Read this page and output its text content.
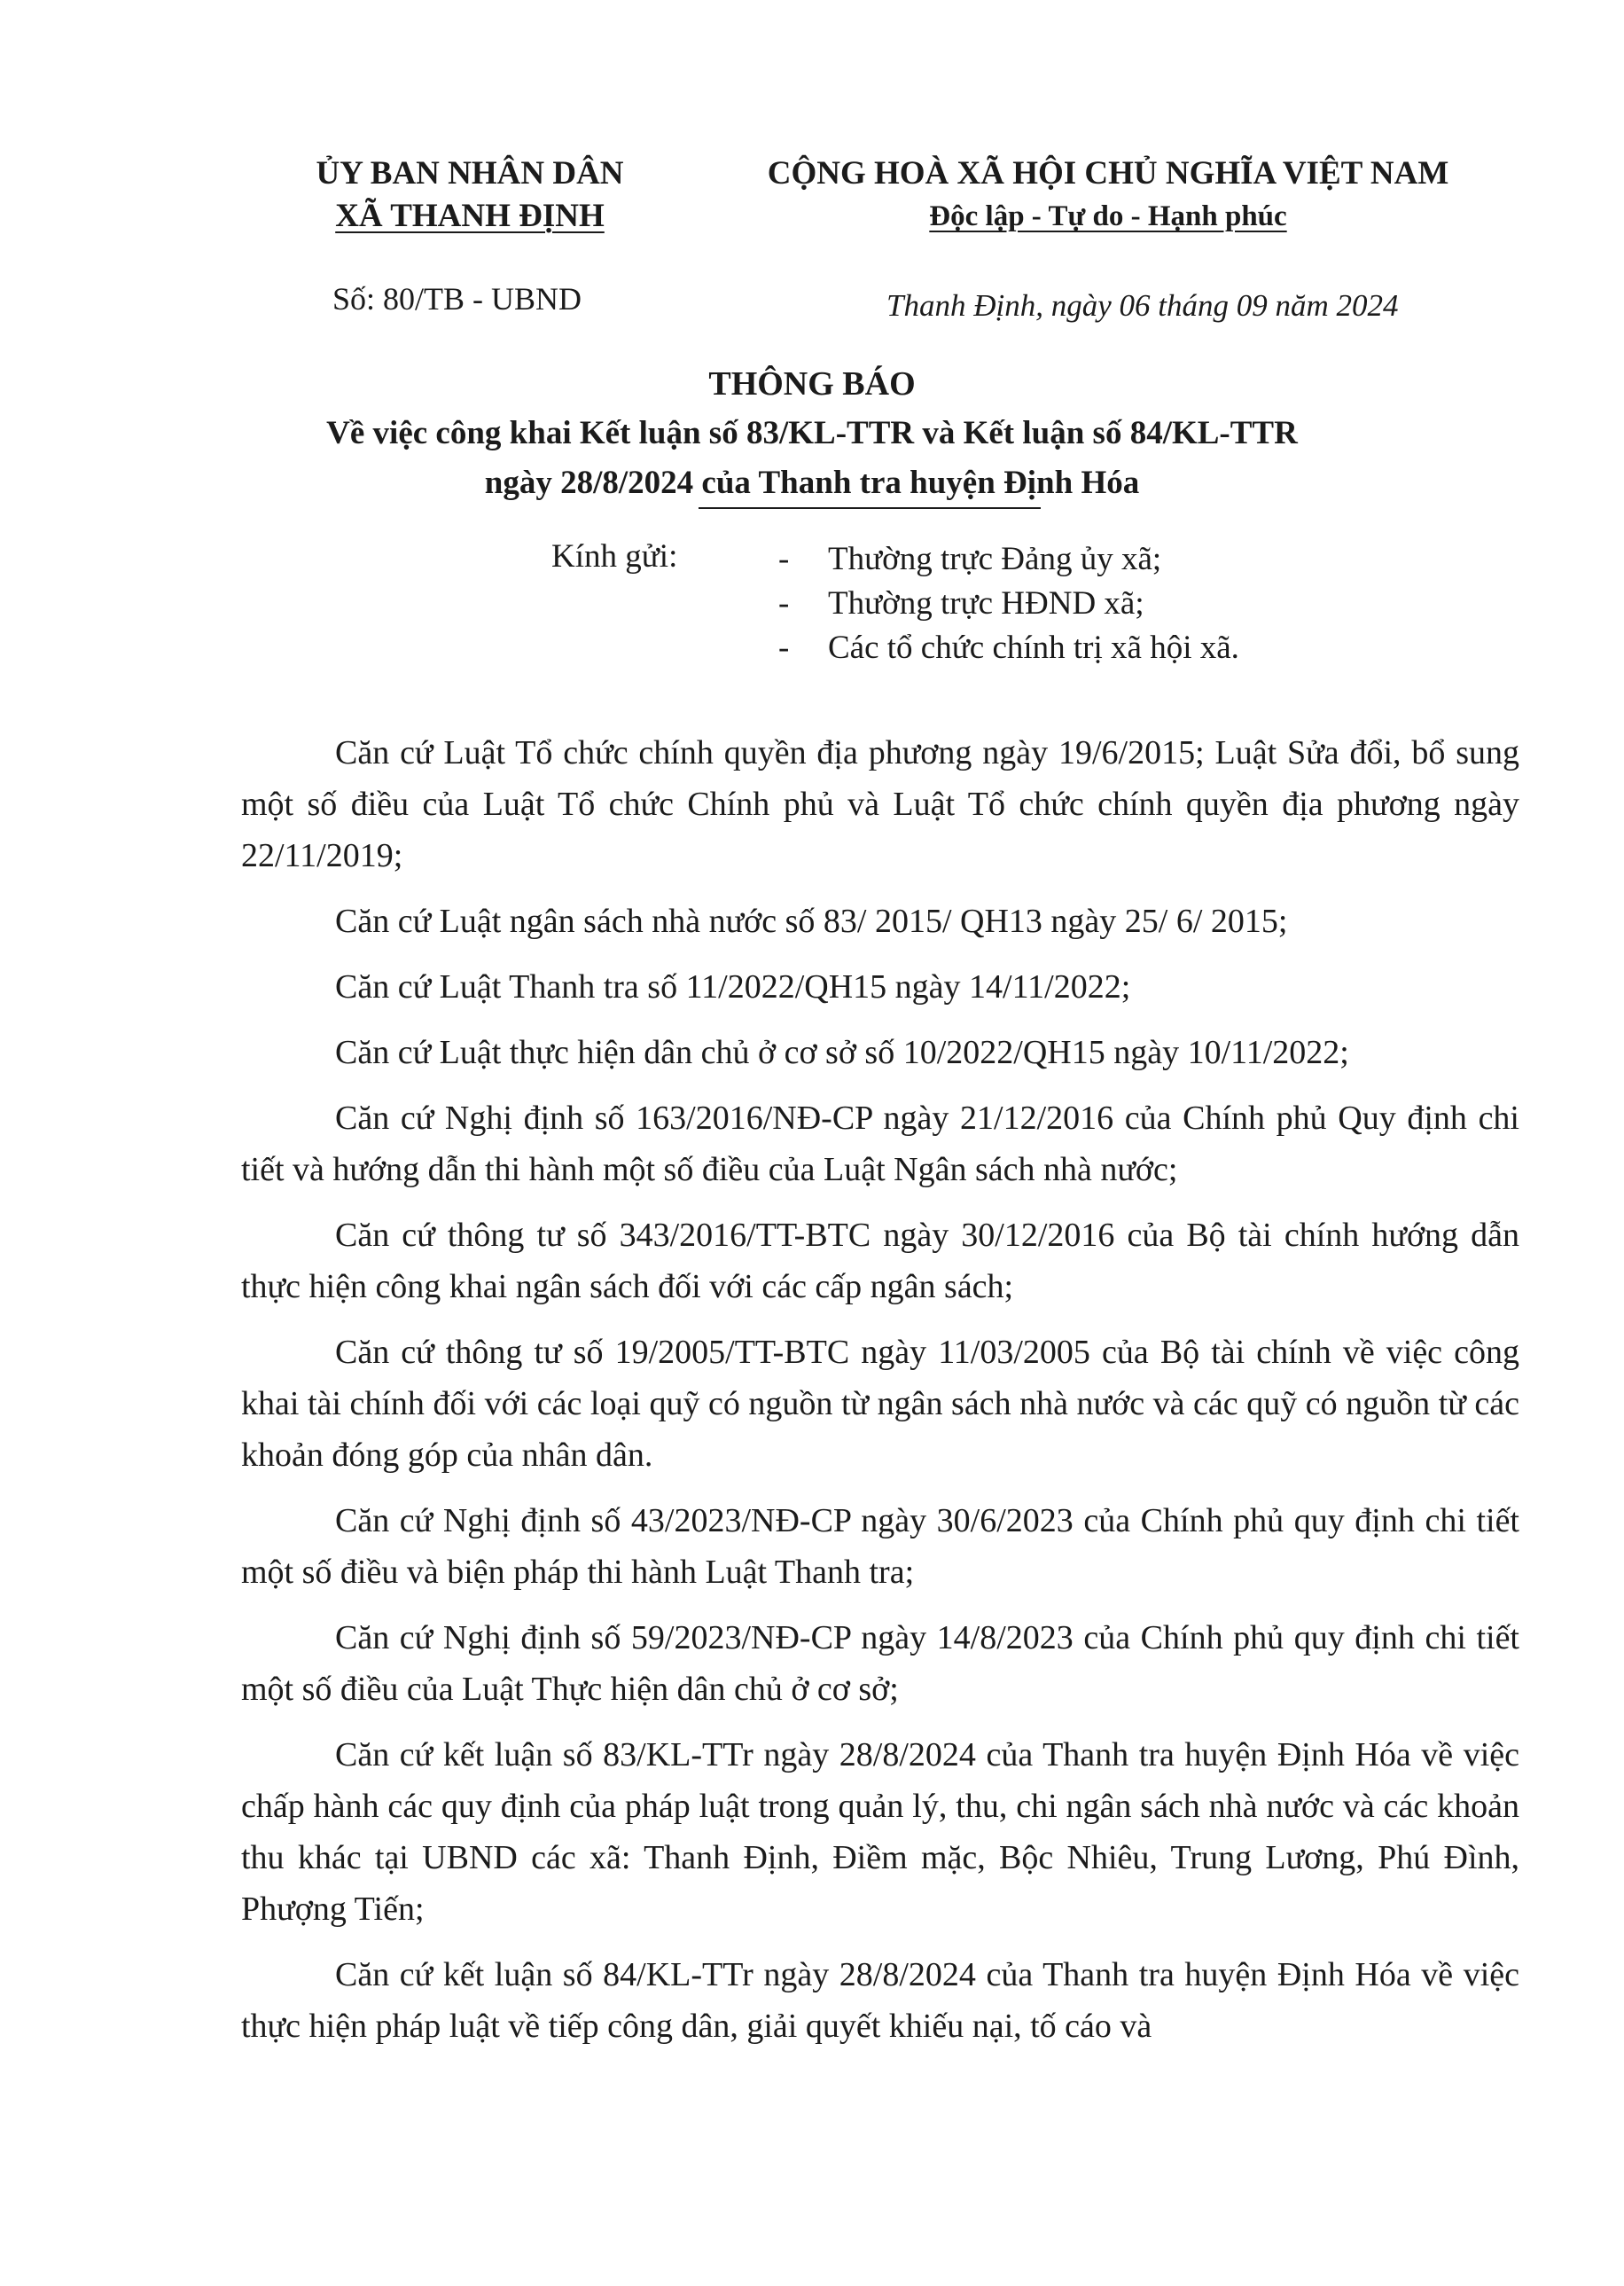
ỦY BAN NHÂN DÂN
XÃ THANH ĐỊNH
CỘNG HOÀ XÃ HỘI CHỦ NGHĨA VIỆT NAM
Độc lập - Tự do - Hạnh phúc
Số: 80/TB - UBND	Thanh Định, ngày 06 tháng 09 năm 2024
THÔNG BÁO
Về việc công khai Kết luận số 83/KL-TTR và Kết luận số 84/KL-TTR
ngày 28/8/2024 của Thanh tra huyện Định Hóa
Kính gửi:	-	Thường trực Đảng ủy xã;
-	Thường trực HĐND xã;
-	Các tổ chức chính trị xã hội xã.

Căn cứ Luật Tổ chức chính quyền địa phương ngày 19/6/2015; Luật Sửa đổi, bổ sung một số điều của Luật Tổ chức Chính phủ và Luật Tổ chức chính quyền địa phương ngày 22/11/2019;

Căn cứ Luật ngân sách nhà nước số 83/ 2015/ QH13 ngày 25/ 6/ 2015;

Căn cứ Luật Thanh tra số 11/2022/QH15 ngày 14/11/2022;

Căn cứ Luật thực hiện dân chủ ở cơ sở số 10/2022/QH15 ngày 10/11/2022;

Căn cứ Nghị định số 163/2016/NĐ-CP ngày 21/12/2016 của Chính phủ Quy định chi tiết và hướng dẫn thi hành một số điều của Luật Ngân sách nhà nước;

Căn cứ thông tư số 343/2016/TT-BTC ngày 30/12/2016 của Bộ tài chính hướng dẫn thực hiện công khai ngân sách đối với các cấp ngân sách;

Căn cứ thông tư số 19/2005/TT-BTC ngày 11/03/2005 của Bộ tài chính về việc công khai tài chính đối với các loại quỹ có nguồn từ ngân sách nhà nước và các quỹ có nguồn từ các khoản đóng góp của nhân dân.

Căn cứ Nghị định số 43/2023/NĐ-CP ngày 30/6/2023 của Chính phủ quy định chi tiết một số điều và biện pháp thi hành Luật Thanh tra;

Căn cứ Nghị định số 59/2023/NĐ-CP ngày 14/8/2023 của Chính phủ quy định chi tiết một số điều của Luật Thực hiện dân chủ ở cơ sở;

Căn cứ kết luận số 83/KL-TTr ngày 28/8/2024 của Thanh tra huyện Định Hóa về việc chấp hành các quy định của pháp luật trong quản lý, thu, chi ngân sách nhà nước và các khoản thu khác tại UBND các xã: Thanh Định, Điềm mặc, Bộc Nhiêu, Trung Lương, Phú Đình, Phượng Tiến;

Căn cứ kết luận số 84/KL-TTr ngày 28/8/2024 của Thanh tra huyện Định Hóa về việc thực hiện pháp luật về tiếp công dân, giải quyết khiếu nại, tố cáo và
